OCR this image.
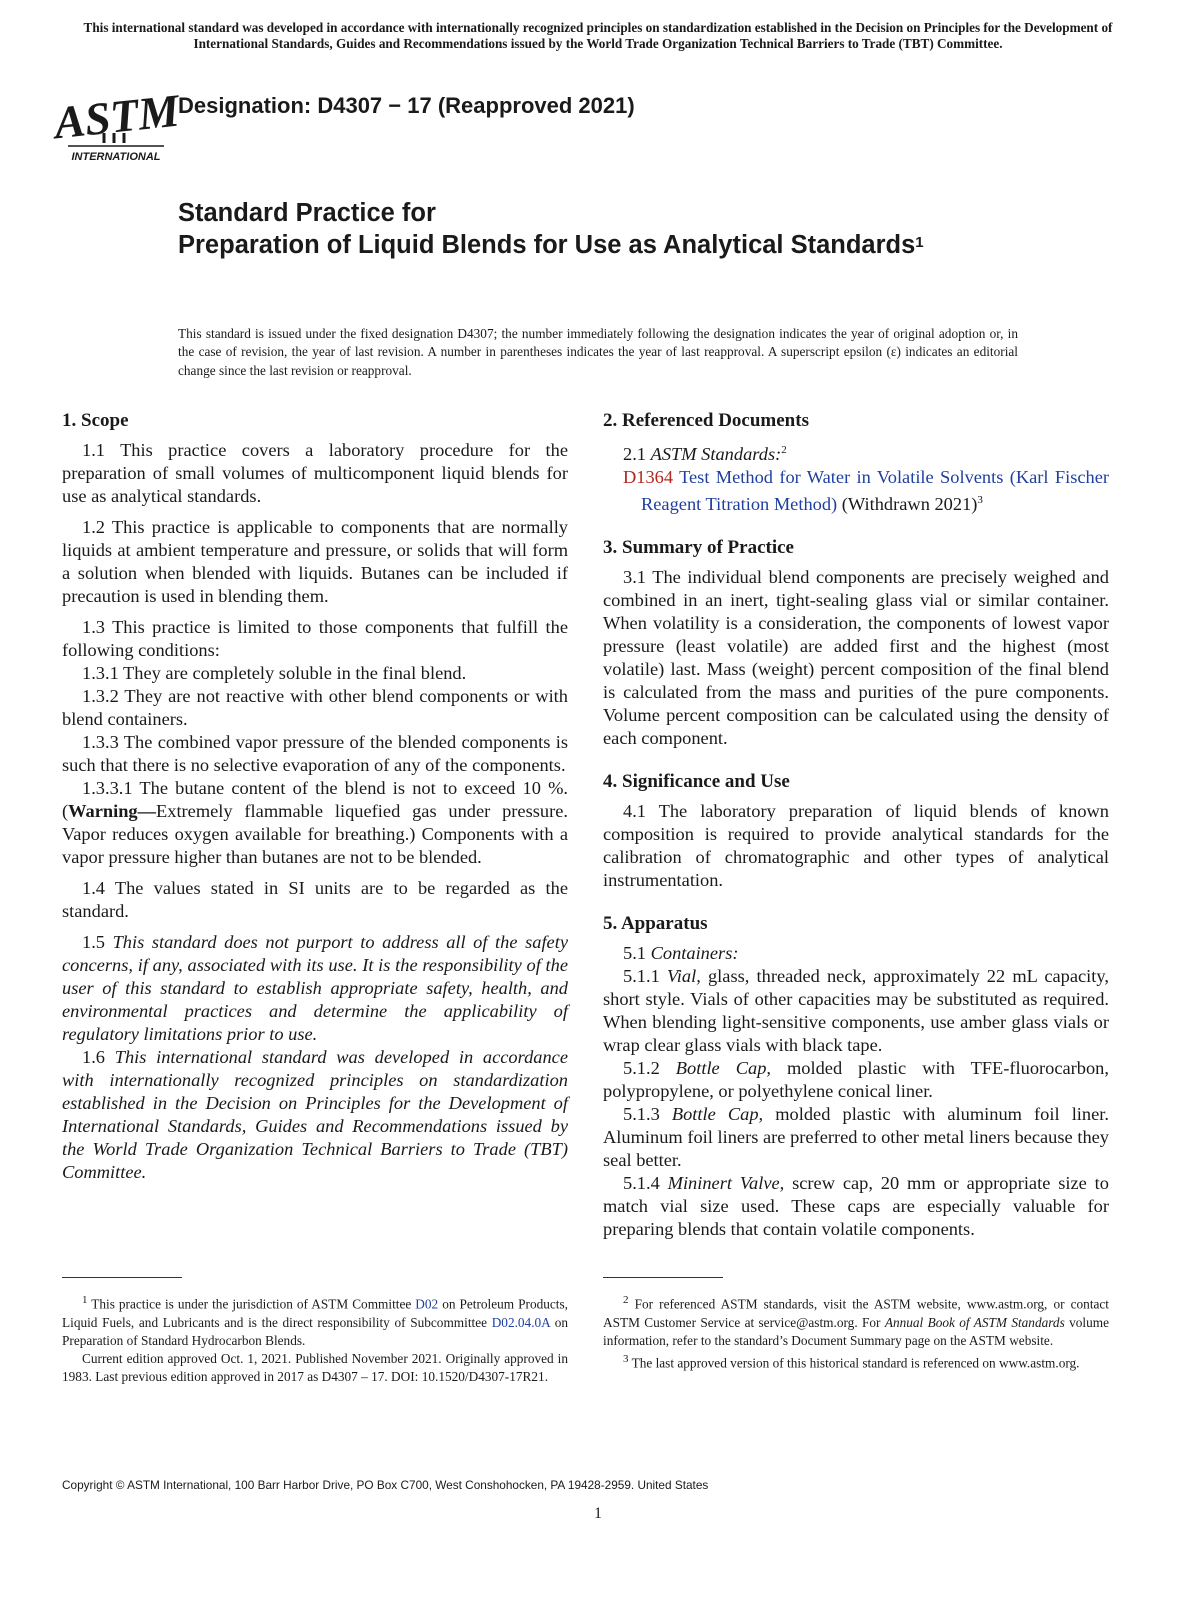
This international standard was developed in accordance with internationally recognized principles on standardization established in the Decision on Principles for the Development of International Standards, Guides and Recommendations issued by the World Trade Organization Technical Barriers to Trade (TBT) Committee.
ASTM
INTERNATIONAL
Designation: D4307 − 17 (Reapproved 2021)
Standard Practice for
Preparation of Liquid Blends for Use as Analytical Standards$^1$
This standard is issued under the fixed designation D4307; the number immediately following the designation indicates the year of original adoption or, in the case of revision, the year of last revision. A number in parentheses indicates the year of last reapproval. A superscript epsilon (ε) indicates an editorial change since the last revision or reapproval.
1. Scope

1.1 This practice covers a laboratory procedure for the preparation of small volumes of multicomponent liquid blends for use as analytical standards.

1.2 This practice is applicable to components that are normally liquids at ambient temperature and pressure, or solids that will form a solution when blended with liquids. Butanes can be included if precaution is used in blending them.

1.3 This practice is limited to those components that fulfill the following conditions:

1.3.1 They are completely soluble in the final blend.

1.3.2 They are not reactive with other blend components or with blend containers.

1.3.3 The combined vapor pressure of the blended components is such that there is no selective evaporation of any of the components.

1.3.3.1 The butane content of the blend is not to exceed 10 %. (Warning—Extremely flammable liquefied gas under pressure. Vapor reduces oxygen available for breathing.) Components with a vapor pressure higher than butanes are not to be blended.

1.4 The values stated in SI units are to be regarded as the standard.

1.5 This standard does not purport to address all of the safety concerns, if any, associated with its use. It is the responsibility of the user of this standard to establish appropriate safety, health, and environmental practices and determine the applicability of regulatory limitations prior to use.

1.6 This international standard was developed in accordance with internationally recognized principles on standardization established in the Decision on Principles for the Development of International Standards, Guides and Recommendations issued by the World Trade Organization Technical Barriers to Trade (TBT) Committee.

2. Referenced Documents

2.1 ASTM Standards:$^2$

D1364 Test Method for Water in Volatile Solvents (Karl Fischer Reagent Titration Method) (Withdrawn 2021)$^3$

3. Summary of Practice

3.1 The individual blend components are precisely weighed and combined in an inert, tight-sealing glass vial or similar container. When volatility is a consideration, the components of lowest vapor pressure (least volatile) are added first and the highest (most volatile) last. Mass (weight) percent composition of the final blend is calculated from the mass and purities of the pure components. Volume percent composition can be calculated using the density of each component.

4. Significance and Use

4.1 The laboratory preparation of liquid blends of known composition is required to provide analytical standards for the calibration of chromatographic and other types of analytical instrumentation.

5. Apparatus

5.1 Containers:

5.1.1 Vial, glass, threaded neck, approximately 22 mL capacity, short style. Vials of other capacities may be substituted as required. When blending light-sensitive components, use amber glass vials or wrap clear glass vials with black tape.

5.1.2 Bottle Cap, molded plastic with TFE-fluorocarbon, polypropylene, or polyethylene conical liner.

5.1.3 Bottle Cap, molded plastic with aluminum foil liner. Aluminum foil liners are preferred to other metal liners because they seal better.

5.1.4 Mininert Valve, screw cap, 20 mm or appropriate size to match vial size used. These caps are especially valuable for preparing blends that contain volatile components.

$^1$ This practice is under the jurisdiction of ASTM Committee D02 on Petroleum Products, Liquid Fuels, and Lubricants and is the direct responsibility of Subcommittee D02.04.0A on Preparation of Standard Hydrocarbon Blends.

Current edition approved Oct. 1, 2021. Published November 2021. Originally approved in 1983. Last previous edition approved in 2017 as D4307 – 17. DOI: 10.1520/D4307-17R21.

$^2$ For referenced ASTM standards, visit the ASTM website, www.astm.org, or contact ASTM Customer Service at service@astm.org. For Annual Book of ASTM Standards volume information, refer to the standard’s Document Summary page on the ASTM website.

$^3$ The last approved version of this historical standard is referenced on www.astm.org.

Copyright © ASTM International, 100 Barr Harbor Drive, PO Box C700, West Conshohocken, PA 19428-2959. United States
1
